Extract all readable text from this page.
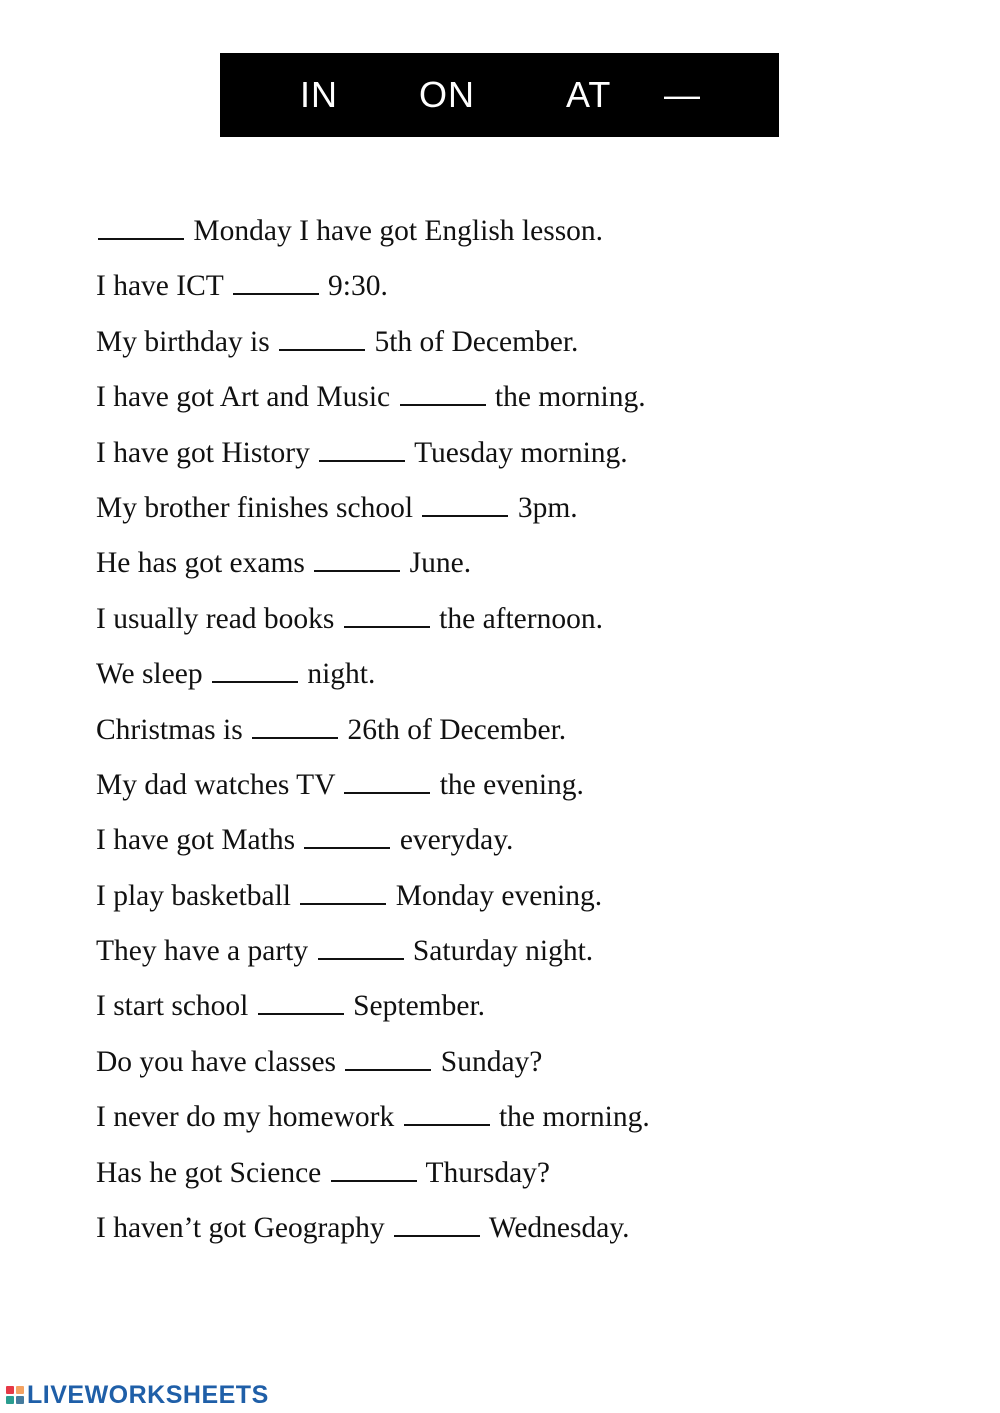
IN ON	AT —
Monday I have got English lesson.
I have ICT	9:30.
My birthday is	5th of December.
I have got Art and Music	the morning.
I have got History	Tuesday morning.
My brother finishes school	3pm.
He has got exams	June.
I usually read books	the afternoon.
We sleep	night.
Christmas is	26th of December.
My dad watches TV	the evening.
I have got Maths	everyday.
I play basketball	Monday evening.
They have a party	Saturday night.
I start school	September.
Do you have classes	Sunday?
I never do my homework	the morning.
Has he got Science	Thursday?
I haven’t got Geography	Wednesday.
LIVEWORKSHEETS
